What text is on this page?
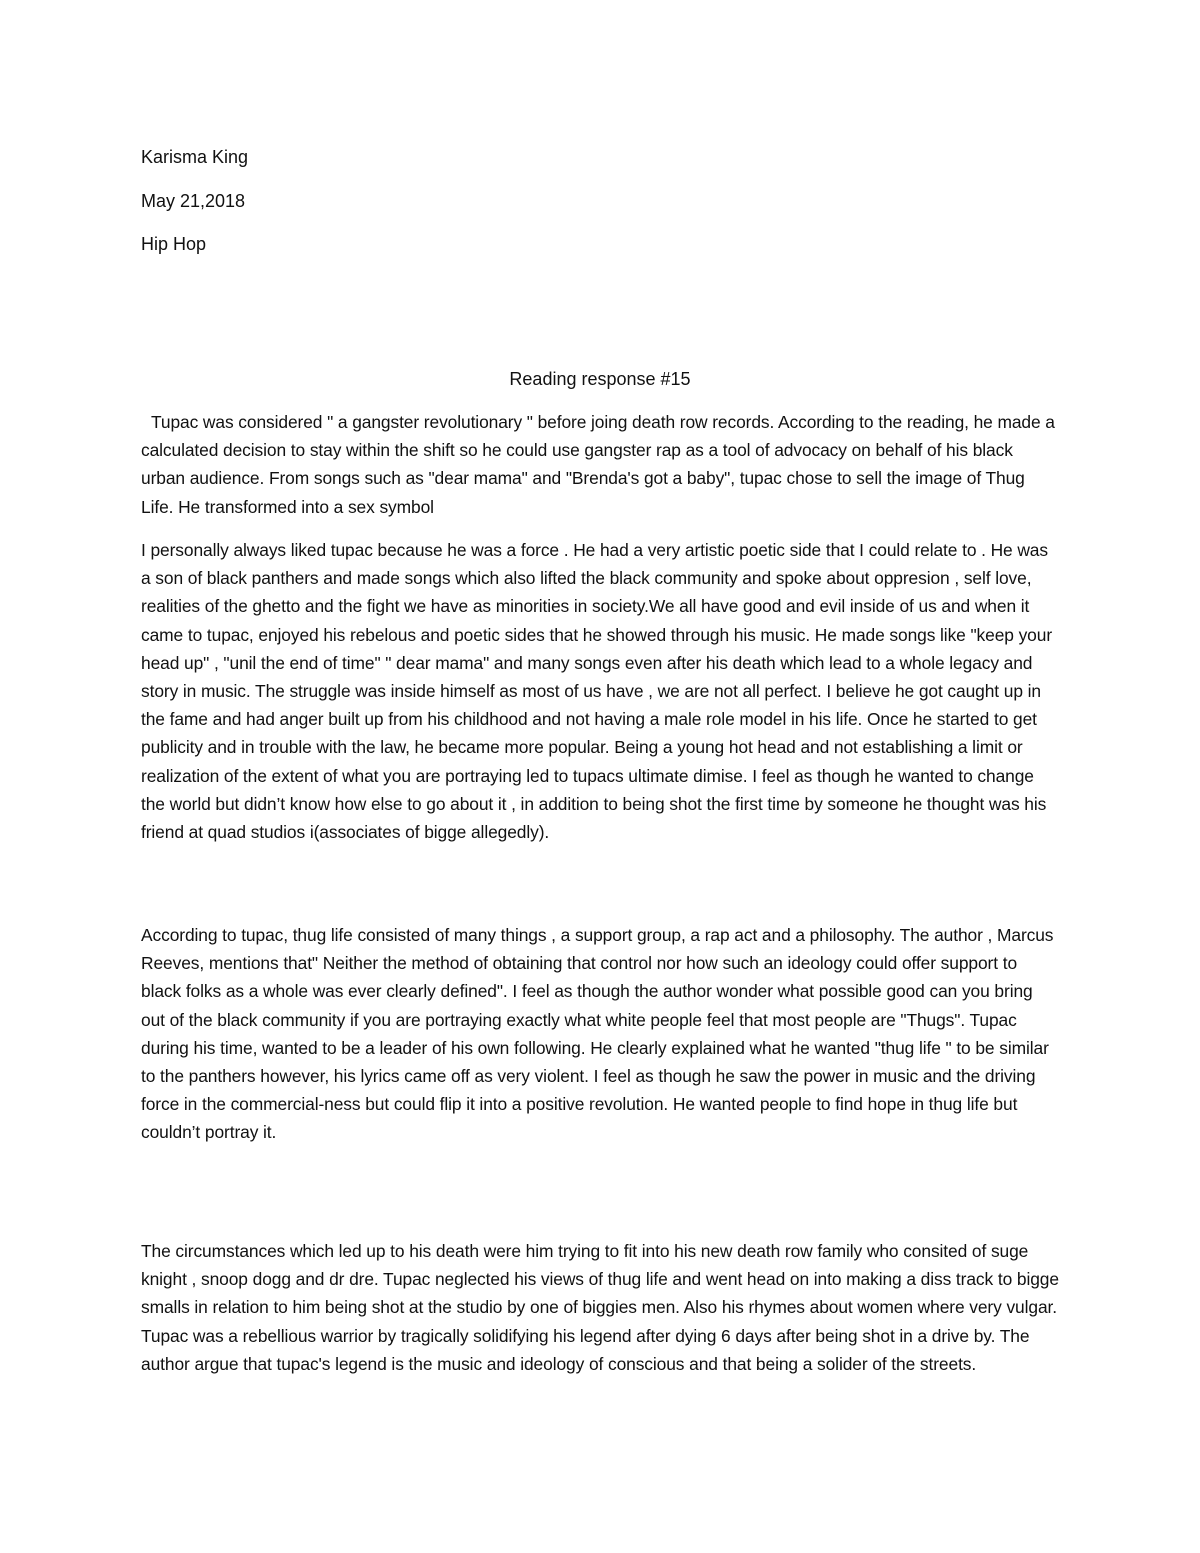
Karisma King

May 21,2018

Hip Hop

Reading response #15

Tupac was considered " a gangster revolutionary " before joing death row records. According to the reading, he made a calculated decision to stay within the shift so he could use gangster rap as a tool of advocacy on behalf of his black urban audience. From songs such as "dear mama" and "Brenda's got a baby", tupac chose to sell the image of Thug Life. He transformed into a sex symbol

I personally always liked tupac because he was a force . He had a very artistic poetic side that I could relate to . He was a son of black panthers and made songs which also lifted the black community and spoke about oppresion , self love, realities of the ghetto and the fight we have as minorities in society.We all have good and evil inside of us and when it came to tupac, enjoyed his rebelous and poetic sides that he showed through his music. He made songs like "keep your head up" , "unil the end of time" " dear mama" and many songs even after his death which lead to a whole legacy and story in music. The struggle was inside himself as most of us have , we are not all perfect. I believe he got caught up in the fame and had anger built up from his childhood and not having a male role model in his life. Once he started to get publicity and in trouble with the law, he became more popular. Being a young hot head and not establishing a limit or realization of the extent of what you are portraying led to tupacs ultimate dimise. I feel as though he wanted to change the world but didn’t know how else to go about it , in addition to being shot the first time by someone he thought was his friend at quad studios i(associates of bigge allegedly).

According to tupac, thug life consisted of many things , a support group, a rap act and a philosophy. The author , Marcus Reeves, mentions that" Neither the method of obtaining that control nor how such an ideology could offer support to black folks as a whole was ever clearly defined". I feel as though the author wonder what possible good can you bring out of the black community if you are portraying exactly what white people feel that most people are "Thugs". Tupac during his time, wanted to be a leader of his own following. He clearly explained what he wanted "thug life " to be similar to the panthers however, his lyrics came off as very violent. I feel as though he saw the power in music and the driving force in the commercial-ness but could flip it into a positive revolution. He wanted people to find hope in thug life but couldn’t portray it.

The circumstances which led up to his death were him trying to fit into his new death row family who consited of suge knight , snoop dogg and dr dre. Tupac neglected his views of thug life and went head on into making a diss track to bigge smalls in relation to him being shot at the studio by one of biggies men. Also his rhymes about women where very vulgar. Tupac was a rebellious warrior by tragically solidifying his legend after dying 6 days after being shot in a drive by. The author argue that tupac's legend is the music and ideology of conscious and that being a solider of the streets.
